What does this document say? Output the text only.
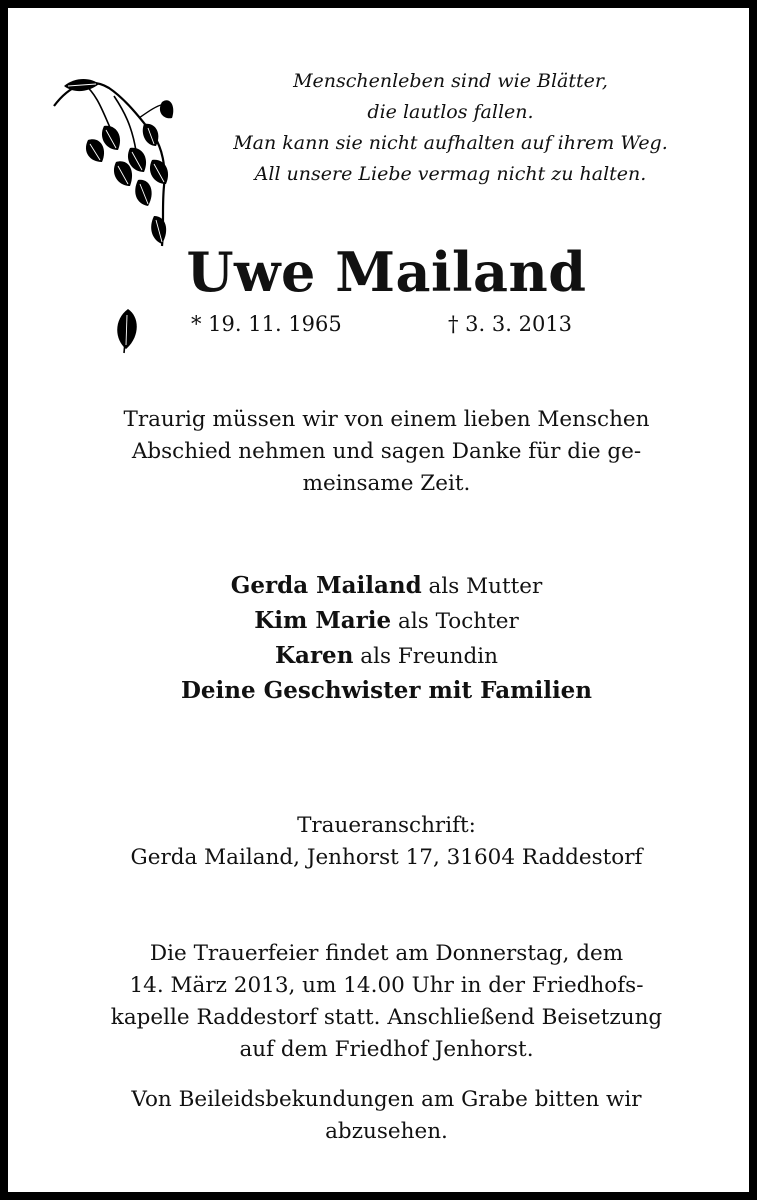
Menschenleben sind wie Blätter,
die lautlos fallen.
Man kann sie nicht aufhalten auf ihrem Weg.
All unsere Liebe vermag nicht zu halten.
Uwe Mailand
* 19. 11. 1965	† 3. 3. 2013
Traurig müssen wir von einem lieben Menschen
Abschied nehmen und sagen Danke für die ge-
meinsame Zeit.
Gerda Mailand als Mutter
Kim Marie als Tochter
Karen als Freundin
Deine Geschwister mit Familien
Traueranschrift:
Gerda Mailand, Jenhorst 17, 31604 Raddestorf
Die Trauerfeier findet am Donnerstag, dem
14. März 2013, um 14.00 Uhr in der Friedhofs-
kapelle Raddestorf statt. Anschließend Beisetzung
auf dem Friedhof Jenhorst.
Von Beileidsbekundungen am Grabe bitten wir
abzusehen.
